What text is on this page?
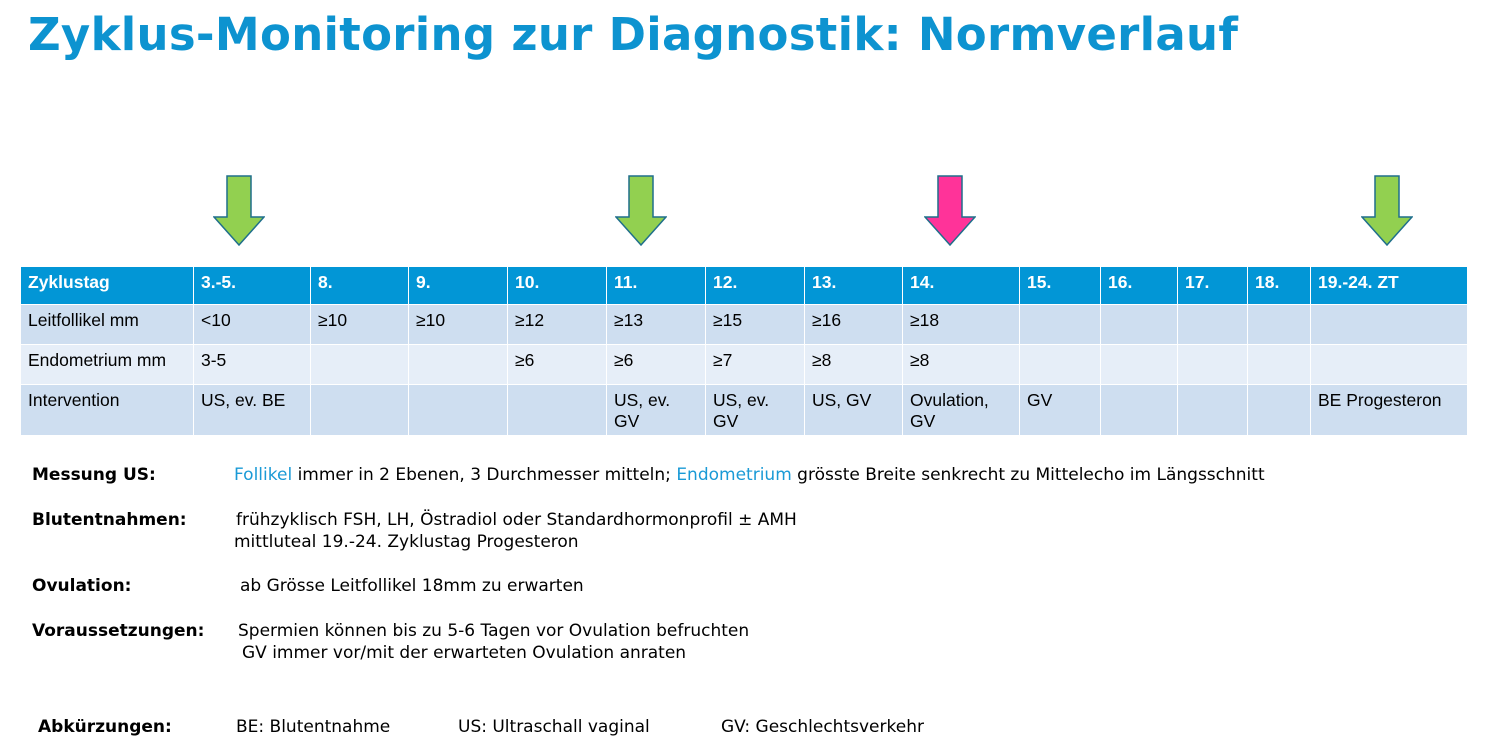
Zyklus-Monitoring zur Diagnostik: Normverlauf
Zyklustag	3.-5.	8.	9.	10.	11.	12.	13.	14.	15.	16.	17.	18.	19.-24. ZT
Leitfollikel mm	<10	≥10	≥10	≥12	≥13	≥15	≥16	≥18					
Endometrium mm	3-5			≥6	≥6	≥7	≥8	≥8					
Intervention	US, ev. BE				US, ev. GV	US, ev. GV	US, GV	Ovulation, GV	GV				BE Progesteron
Messung US:	Follikel immer in 2 Ebenen, 3 Durchmesser mitteln; Endometrium grösste Breite senkrecht zu Mittelecho im Längsschnitt
Blutentnahmen:	frühzyklisch FSH, LH, Östradiol oder Standardhormonprofil ± AMH
mittluteal 19.-24. Zyklustag Progesteron
Ovulation:	ab Grösse Leitfollikel 18mm zu erwarten
Voraussetzungen: Spermien können bis zu 5-6 Tagen vor Ovulation befruchten
GV immer vor/mit der erwarteten Ovulation anraten
Abkürzungen:	BE: Blutentnahme	US: Ultraschall vaginal	GV: Geschlechtsverkehr
